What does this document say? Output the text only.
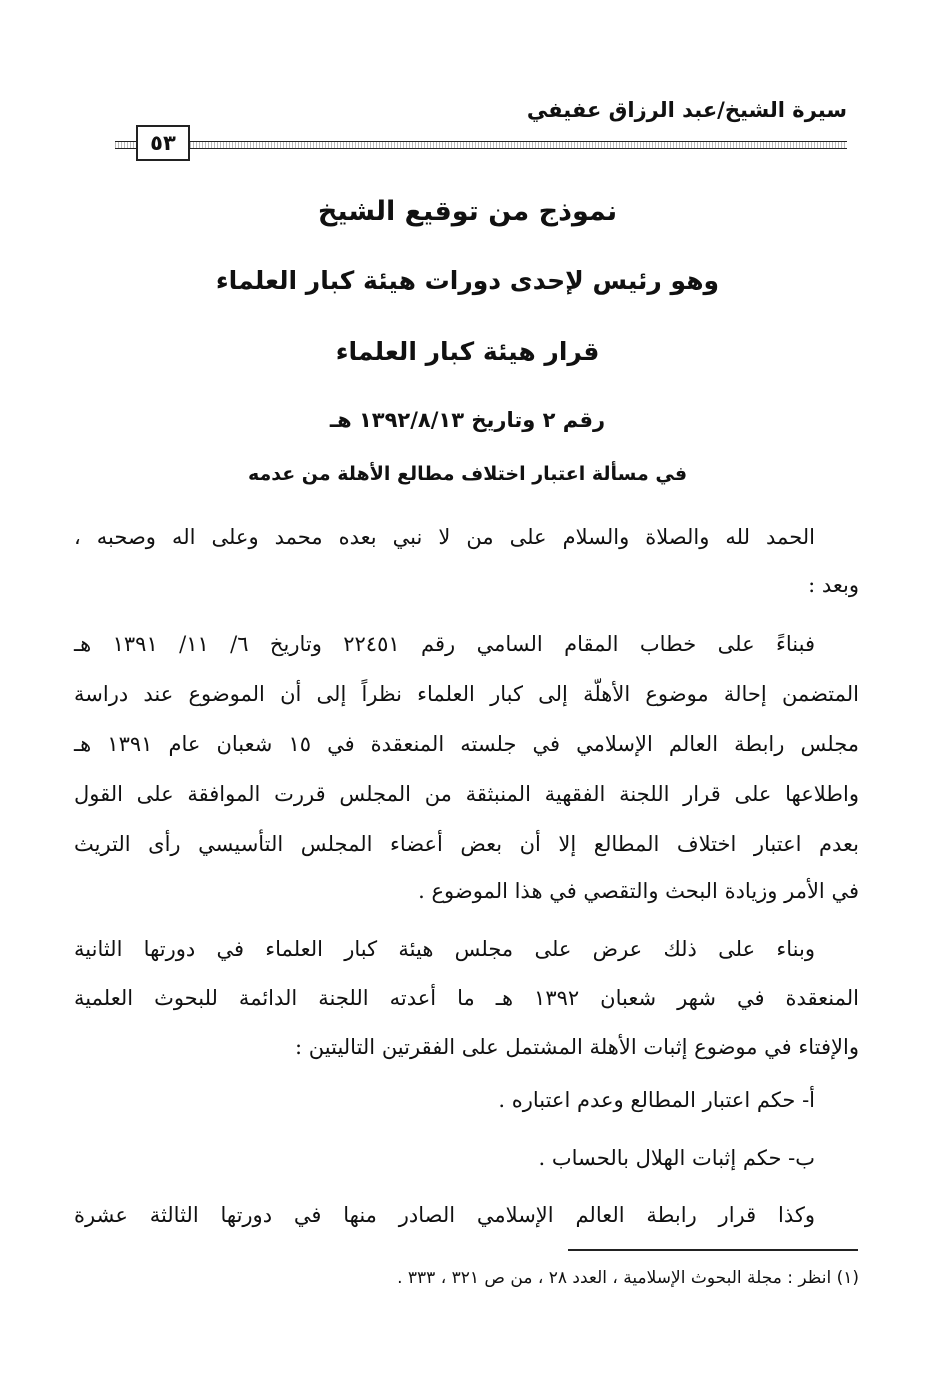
سيرة الشيخ/عبد الرزاق عفيفي
٥٣
نموذج من توقيع الشيخ
وهو رئيس لإحدى دورات هيئة كبار العلماء
قرار هيئة كبار العلماء
رقم ٢ وتاريخ ١٣٩٢/٨/١٣ هـ
في مسألة اعتبار اختلاف مطالع الأهلة من عدمه
الحمد لله والصلاة والسلام على من لا نبي بعده محمد وعلى اله وصحبه ،
وبعد :
فبناءً على خطاب المقام السامي رقم ٢٢٤٥١ وتاريخ ٦/ ١١/ ١٣٩١ هـ
المتضمن إحالة موضوع الأهلّة إلى كبار العلماء نظراً إلى أن الموضوع عند دراسة
مجلس رابطة العالم الإسلامي في جلسته المنعقدة في ١٥ شعبان عام ١٣٩١ هـ
واطلاعها على قرار اللجنة الفقهية المنبثقة من المجلس قررت الموافقة على القول
بعدم اعتبار اختلاف المطالع إلا أن بعض أعضاء المجلس التأسيسي رأى التريث
في الأمر وزيادة البحث والتقصي في هذا الموضوع .
وبناء على ذلك عرض على مجلس هيئة كبار العلماء في دورتها الثانية
المنعقدة في شهر شعبان ١٣٩٢ هـ ما أعدته اللجنة الدائمة للبحوث العلمية
والإفتاء في موضوع إثبات الأهلة المشتمل على الفقرتين التاليتين :
أ- حكم اعتبار المطالع وعدم اعتباره .
ب- حكم إثبات الهلال بالحساب .
وكذا قرار رابطة العالم الإسلامي الصادر منها في دورتها الثالثة عشرة
(١) انظر : مجلة البحوث الإسلامية ، العدد ٢٨ ، من ص ٣٢١ ، ٣٣٣ .
